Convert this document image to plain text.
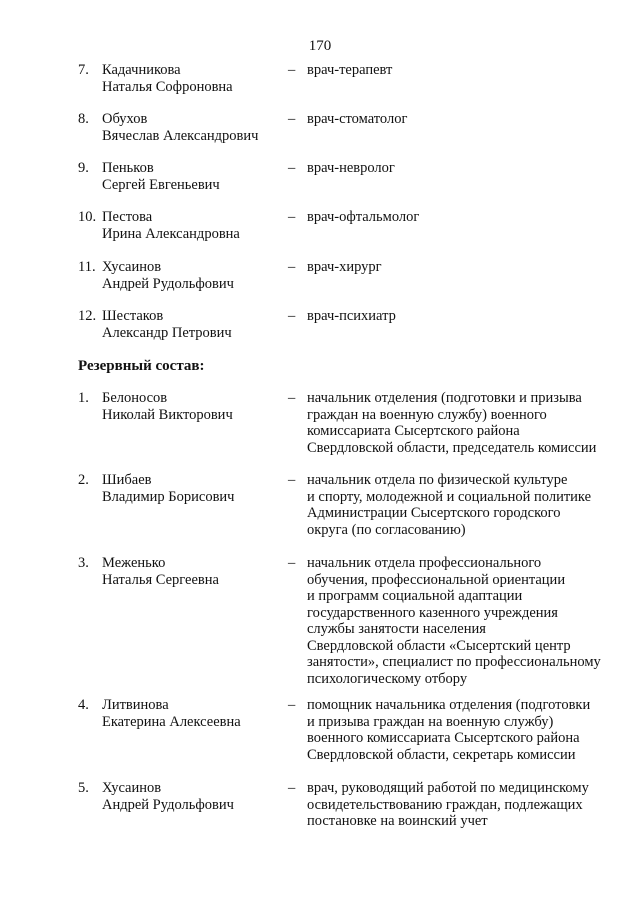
170
7. Кадачникова
Наталья Софроновна
– врач-терапевт
8. Обухов
Вячеслав Александрович
– врач-стоматолог
9. Пеньков
Сергей Евгеньевич
– врач-невролог
10. Пестова
Ирина Александровна
– врач-офтальмолог
11. Хусаинов
Андрей Рудольфович
– врач-хирург
12. Шестаков
Александр Петрович
– врач-психиатр
Резервный состав:
1. Белоносов
Николай Викторович
– начальник отделения (подготовки и призыва
граждан на военную службу) военного
комиссариата Сысертского района
Свердловской области, председатель комиссии
2. Шибаев
Владимир Борисович
– начальник отдела по физической культуре
и спорту, молодежной и социальной политике
Администрации Сысертского городского
округа (по согласованию)
3. Меженько
Наталья Сергеевна
– начальник отдела профессионального
обучения, профессиональной ориентации
и программ социальной адаптации
государственного казенного учреждения
службы занятости населения
Свердловской области «Сысертский центр
занятости», специалист по профессиональному
психологическому отбору
4. Литвинова
Екатерина Алексеевна
– помощник начальника отделения (подготовки
и призыва граждан на военную службу)
военного комиссариата Сысертского района
Свердловской области, секретарь комиссии
5. Хусаинов
Андрей Рудольфович
– врач, руководящий работой по медицинскому
освидетельствованию граждан, подлежащих
постановке на воинский учет
